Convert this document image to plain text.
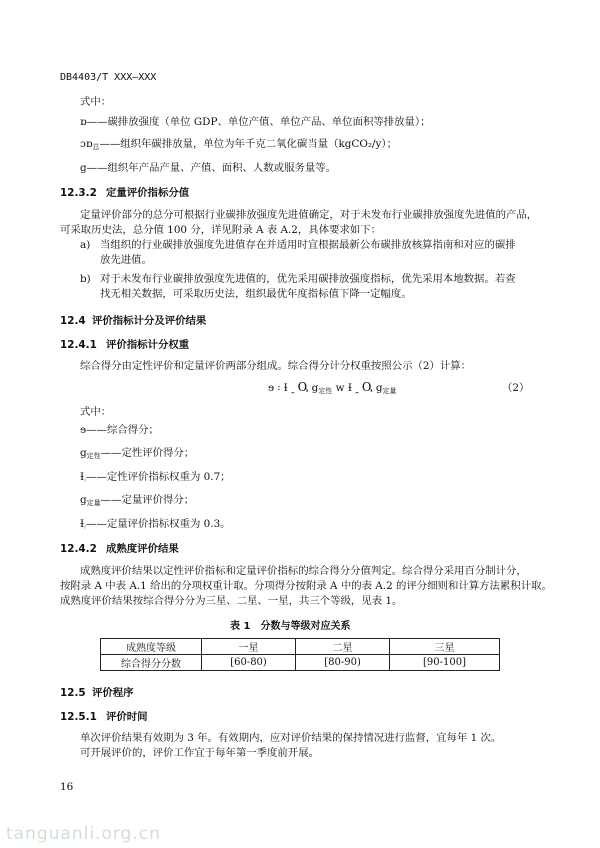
DB4403/T XXX—XXX
式中：
ɒ——碳排放强度（单位 GDP、单位产值、单位产品、单位面积等排放量）；
ɔɒ$_总$——组织年碳排放量，单位为年千克二氧化碳当量（kgCO₂/y）；
g——组织年产品产量、产值、面积、人数或服务量等。
12.3.2 定量评价指标分值
定量评价部分的总分可根据行业碳排放强度先进值确定，对于未发布行业碳排放强度先进值的产品，
可采取历史法，总分值 100 分，详见附录 A 表 A.2，具体要求如下：
a) 当组织的行业碳排放强度先进值存在并适用时宜根据最新公布碳排放核算指南和对应的碳排
放先进值。
b) 对于未发布行业碳排放强度先进值的，优先采用碳排放强度指标，优先采用本地数据。若查
找无相关数据，可采取历史法，组织最优年度指标值下降一定幅度。
12.4 评价指标计分及评价结果
12.4.1 评价指标计分权重
综合得分由定性评价和定量评价两部分组成。综合得分计分权重按照公示（2）计算：
ɘ ꞉ Ɨ ꞈ Ⴓ $g_{定性}$ w Ɨ ꞈ Ⴓ $g_{定量}$	（2）
式中：
ɘ——综合得分；
$g_{定性}——$定性评价得分；
$Ɨ_꞉——$定性评价指标权重为 0.7；
$g_{定量}——$定量评价得分；
$Ɨ_꞉——$定量评价指标权重为 0.3。
12.4.2 成熟度评价结果
成熟度评价结果以定性评价指标和定量评价指标的综合得分分值判定。综合得分采用百分制计分，
按附录 A 中表 A.1 给出的分项权重计取。分项得分按附录 A 中的表 A.2 的评分细则和计算方法累积计取。
成熟度评价结果按综合得分分为三星、二星、一星，共三个等级，见表 1。
表 1　分数与等级对应关系
成熟度等级	一星	二星	三星
综合得分分数	[60-80)	[80-90)	[90-100]
12.5 评价程序
12.5.1 评价时间
单次评价结果有效期为 3 年。有效期内，应对评价结果的保持情况进行监督，宜每年 1 次。
可开展评价的，评价工作宜于每年第一季度前开展。
16
tanguanli.org.cn
